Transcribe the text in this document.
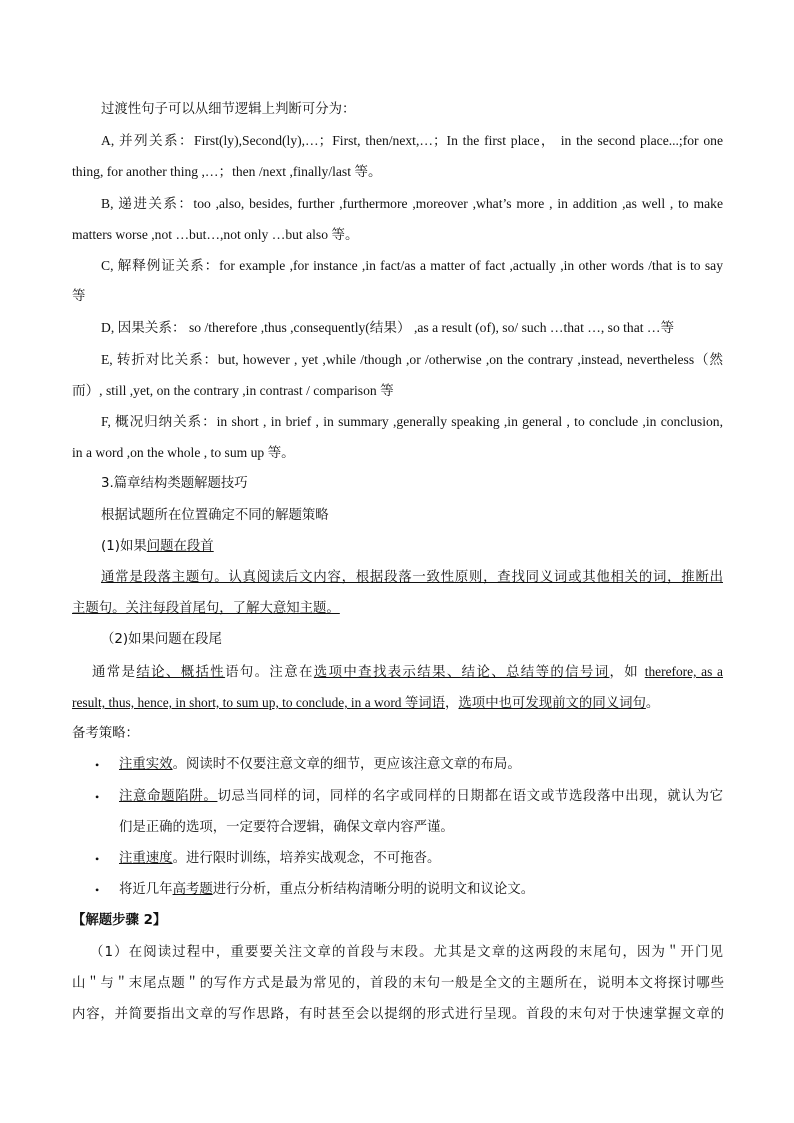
过渡性句子可以从细节逻辑上判断可分为：
A, 并列关系：First(ly),Second(ly),…；First, then/next,…；In the first place， in the second place...;for one
thing, for another thing ,…；then /next ,finally/last 等。
B, 递进关系：too ,also, besides, further ,furthermore ,moreover ,what’s more , in addition ,as well , to make
matters worse ,not …but…,not only …but also 等。
C, 解释例证关系：for example ,for instance ,in fact/as a matter of fact ,actually ,in other words /that is to say
等
D, 因果关系： so /therefore ,thus ,consequently(结果） ,as a result (of), so/ such …that …, so that …等
E, 转折对比关系：but, however , yet ,while /though ,or /otherwise ,on the contrary ,instead, nevertheless（然
而）, still ,yet, on the contrary ,in contrast / comparison 等
F, 概况归纳关系：in short , in brief , in summary ,generally speaking ,in general , to conclude ,in conclusion,
in a word ,on the whole , to sum up 等。
3.篇章结构类题解题技巧
根据试题所在位置确定不同的解题策略
(1)如果问题在段首
通常是段落主题句。认真阅读后文内容，根据段落一致性原则，查找同义词或其他相关的词，推断出
主题句。关注每段首尾句，了解大意知主题。
（2)如果问题在段尾
通常是结论、概括性语句。注意在选项中查找表示结果、结论、总结等的信号词，如 therefore, as a
result, thus, hence, in short, to sum up, to conclude, in a word 等词语，选项中也可发现前文的同义词句。
备考策略：
• 注重实效。阅读时不仅要注意文章的细节，更应该注意文章的布局。
• 注意命题陷阱。切忌当同样的词，同样的名字或同样的日期都在语文或节选段落中出现，就认为它
们是正确的选项，一定要符合逻辑，确保文章内容严谨。
• 注重速度。进行限时训练，培养实战观念，不可拖沓。
• 将近几年高考题进行分析，重点分析结构清晰分明的说明文和议论文。
【解题步骤 2】
（1）在阅读过程中，重要要关注文章的首段与末段。尤其是文章的这两段的末尾句，因为＂开门见
山＂与＂末尾点题＂的写作方式是最为常见的，首段的末句一般是全文的主题所在，说明本文将探讨哪些
内容，并简要指出文章的写作思路，有时甚至会以提纲的形式进行呈现。首段的末句对于快速掌握文章的
